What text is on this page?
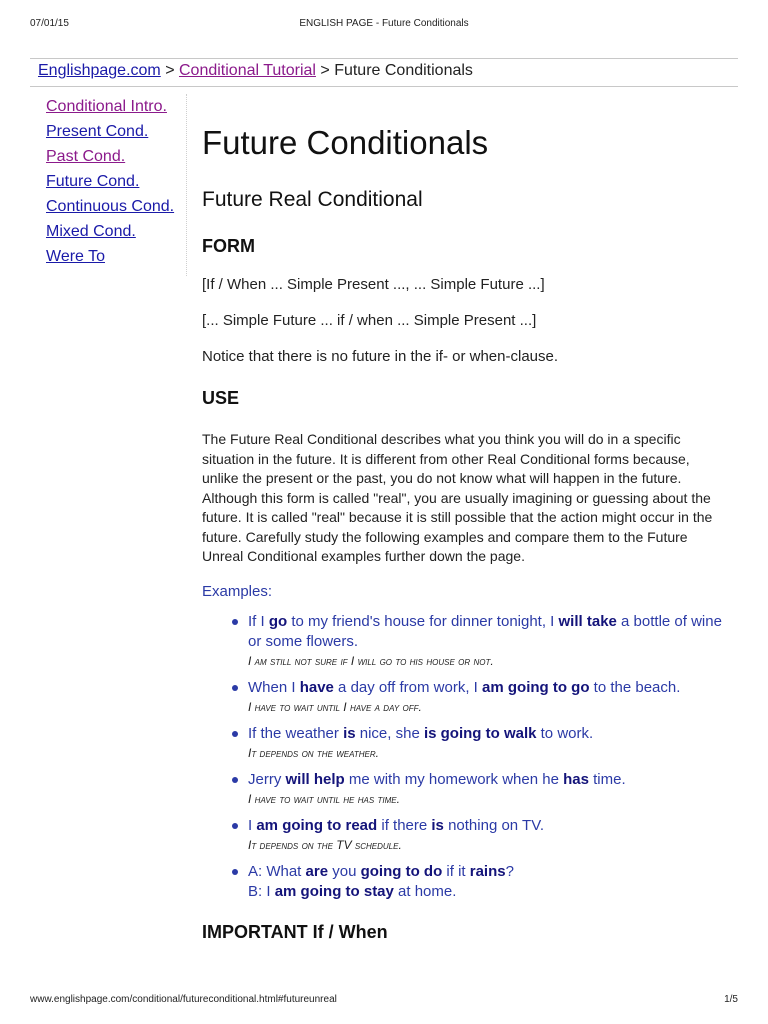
07/01/15	ENGLISH PAGE - Future Conditionals
Englishpage.com > Conditional Tutorial > Future Conditionals
Conditional Intro.
Present Cond.
Past Cond.
Future Cond.
Continuous Cond.
Mixed Cond.
Were To
Future Conditionals
Future Real Conditional
FORM

[If / When ... Simple Present ..., ... Simple Future ...]

[... Simple Future ... if / when ... Simple Present ...]

Notice that there is no future in the if- or when-clause.

USE

The Future Real Conditional describes what you think you will do in a specific situation in the future. It is different from other Real Conditional forms because, unlike the present or the past, you do not know what will happen in the future. Although this form is called "real", you are usually imagining or guessing about the future. It is called "real" because it is still possible that the action might occur in the future. Carefully study the following examples and compare them to the Future Unreal Conditional examples further down the page.

Examples:

If I go to my friend's house for dinner tonight, I will take a bottle of wine or some flowers.
I am still not sure if I will go to his house or not.
When I have a day off from work, I am going to go to the beach.
I have to wait until I have a day off.
If the weather is nice, she is going to walk to work.
It depends on the weather.
Jerry will help me with my homework when he has time.
I have to wait until he has time.
I am going to read if there is nothing on TV.
It depends on the TV schedule.
A: What are you going to do if it rains?
B: I am going to stay at home.
IMPORTANT If / When
www.englishpage.com/conditional/futureconditional.html#futureunreal	1/5
